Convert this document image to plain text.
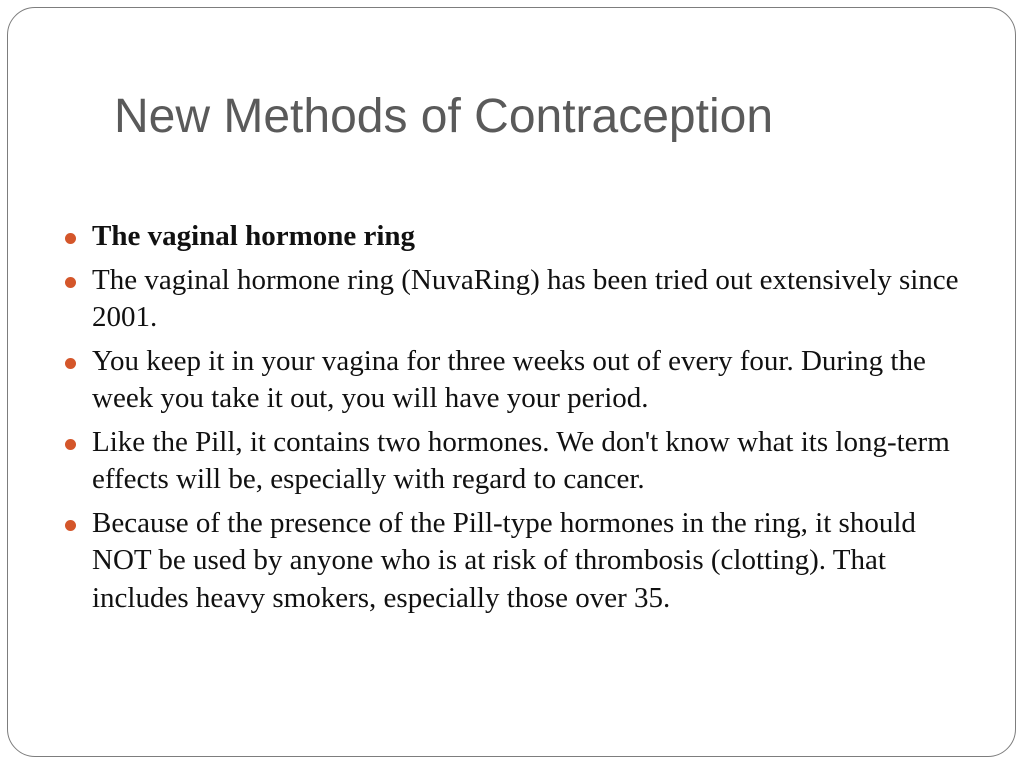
New Methods of Contraception
The vaginal hormone ring
The vaginal hormone ring (NuvaRing) has been tried out extensively since 2001.
You keep it in your vagina for three weeks out of every four. During the week you take it out, you will have your period.
Like the Pill, it contains two hormones. We don't know what its long-term effects will be, especially with regard to cancer.
Because of the presence of the Pill-type hormones in the ring, it should NOT be used by anyone who is at risk of thrombosis (clotting). That includes heavy smokers, especially those over 35.
